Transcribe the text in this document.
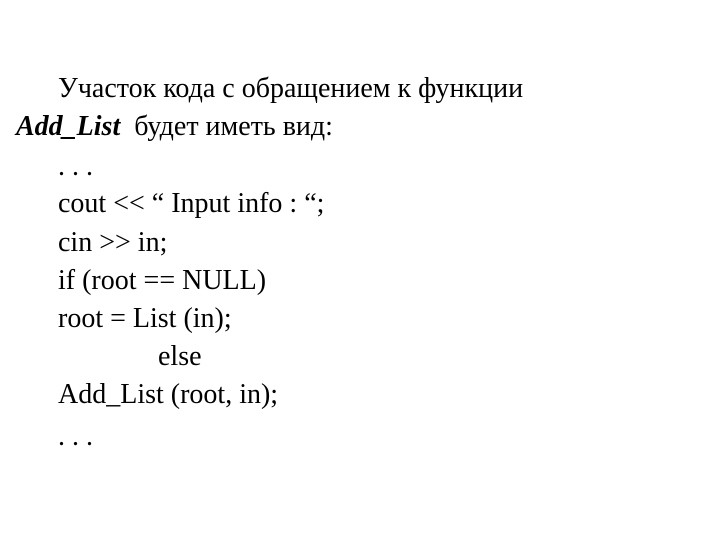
Участок кода с обращением к функции
Add_List  будет иметь вид:
. . .
cout << “ Input info : “;
cin >> in;
if (root == NULL)
root = List (in);
else
Add_List (root, in);
. . .
